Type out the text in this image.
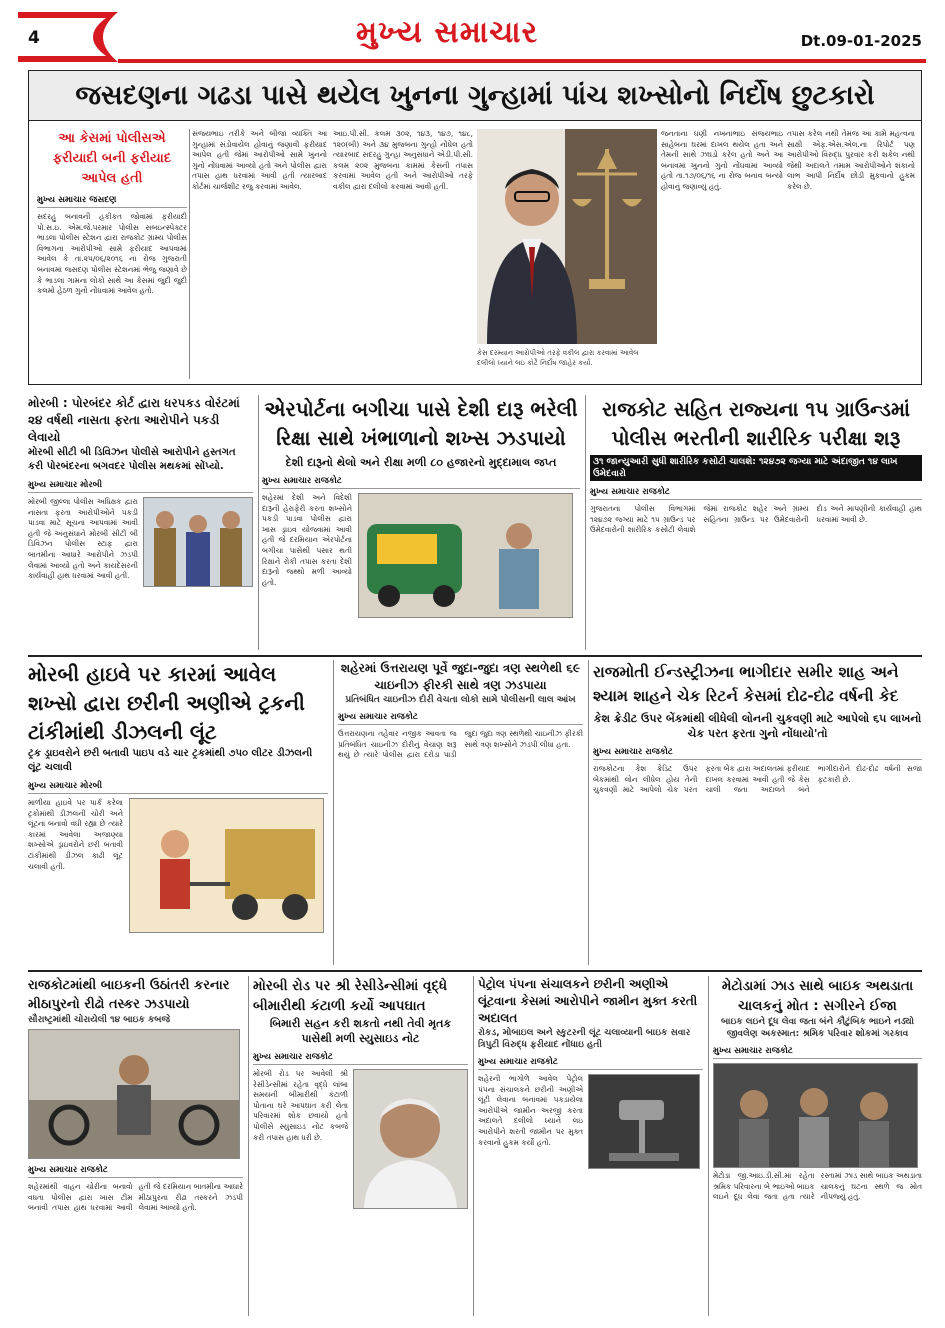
4	મુખ્ય સમાચાર	Dt.09-01-2025
જસદણના ગઢડા પાસે થયેલ ખુનના ગુન્હામાં પાંચ શખ્સોનો નિર્દોષ છુટકારો
આ કેસમાં પોલીસએ ફરીયાદી બની ફરીયાદ આપેલ હતી
મુખ્ય સમાચાર જસદણ

સદરહુ બનાવની હકીકત જોવામાં ફરીયાદી પો.સ.ઇ. એમ.જે.પરમાર પોલીસ સબઇન્સ્પેક્ટર ભાડલા પોલીસ સ્ટેશન દ્વારા રાજકોટ ગ્રામ્ય પોલીસ વિભાગના આરોપીઓ સામે ફરીયાદ આપવામાં આવેલ કે તા.૨૫/૦૬/૨૦૧૬ ના રોજ ગુજરાતી બનાવમાં જસદણ પોલીસ સ્ટેશનમાં ભેજુ જણાવે છે કે ભાડલા ગામના લોકો સાથે આ કેસમાં જુદી જુદી કલમો હેઠળ ગુનો નોંધવામાં આવેલ હતો.

સંજયભાઇ તરીકે અને બીજા વ્યક્તિ આ ગુન્હામાં સંડોવાયેલ હોવાનું જણાવી ફરીયાદ આપેલ હતી જેમાં આરોપીઓ સામે ખુનનો ગુનો નોંધવામાં આવ્યો હતો અને પોલીસ દ્વારા તપાસ હાથ ધરવામાં આવી હતી ત્યારબાદ કોર્ટમાં ચાર્જશીટ રજુ કરવામાં આવેલ.

આઇ.પી.સી. કલમ ૩૦૨, ૧૪૩, ૧૪૭, ૧૪૮, ૧૨૦(બી) અને ૩૪ મુજબના ગુન્હો નોંધેલ હતો ત્યારબાદ સદરહુ ગુન્હા અનુસંધાને એડી.પી.સી. કલમ ૨૦૨ મુજબના કામમાં કેસની તપાસ કરવામાં આવેલ હતી અને આરોપીઓ તરફે વકીલ દ્વારા દલીલો કરવામાં આવી હતી.

કેસ દરમ્યાન આરોપીઓ તરફે વકીલ દ્વારા કરવામાં આવેલ દલીલો ધ્યાને લઇ કોર્ટે નિર્દોષ જાહેર કર્યા.

જનતાના ધણી નખનાભાઇ સંજયભાઇ સાહેબના ઘરમાં દાખલ થયેલ હતા અને તેમની સાથે ઝઘડો કરેલ હતો અને આ બનાવમાં ખુનનો ગુનો નોંધવામાં આવ્યો હતો તા.૧૭/૦૬/૧૬ ના રોજ બનાવ બન્યો હોવાનું જણાવ્યું હતું.

તપાસ કરેલ નથી તેમજ આ કામે મહત્વના સાક્ષી એફ.એસ.એલ.ના રિપોર્ટ પણ આરોપીઓ વિરુદ્ધ પુરવાર કરી શકેલ નથી જેથી અદાલતે તમામ આરોપીઓને શંકાનો લાભ આપી નિર્દોષ છોડી મુકવાનો હુકમ કરેલ છે.

મોરબી : પોરબંદર કોર્ટ દ્વારા ધરપકડ વોરંટમાં ૨૪ વર્ષથી નાસતા ફરતા આરોપીને પકડી લેવાયો
મોરબી સીટી બી ડિવિઝન પોલીસે આરોપીને હસ્તગત કરી પોરબંદરના બગવદર પોલીસ મથકમાં સોંપ્યો.
મુખ્ય સમાચાર મોરબી

મોરબી જીલ્લા પોલીસ અધિક્ષક દ્વારા નાસતા ફરતા આરોપીઓને પકડી પાડવા માટે સૂચના આપવામાં આવી હતી જે અનુસંધાને મોરબી સીટી બી ડિવિઝન પોલીસ સ્ટાફ દ્વારા બાતમીના આધારે આરોપીને ઝડપી લેવામાં આવ્યો હતો અને કાયદેસરની કાર્યવાહી હાથ ધરવામાં આવી હતી.

એરપોર્ટના બગીચા પાસે દેશી દારૂ ભરેલી રિક્ષા સાથે ખંભાળાનો શખ્સ ઝડપાયો
દેશી દારૂનો થેલો અને રીક્ષા મળી ૮૦ હજારનો મુદ્દામાલ જપ્ત
મુખ્ય સમાચાર રાજકોટ

શહેરમાં દેશી અને વિદેશી દારૂની હેરાફેરી કરતા શખ્સોને પકડી પાડવા પોલીસ દ્વારા ખાસ ડ્રાઇવ યોજવામાં આવી હતી જે દરમિયાન એરપોર્ટના બગીચા પાસેથી પસાર થતી રિક્ષાને રોકી તપાસ કરતા દેશી દારૂનો જથ્થો મળી આવ્યો હતો.

રાજકોટ સહિત રાજ્યના ૧૫ ગ્રાઉન્ડમાં પોલીસ ભરતીની શારીરિક પરીક્ષા શરૂ
૩૧ જાન્યુઆરી સુધી શારીરિક કસોટી ચાલશે: ૧૨૪૭૨ જગ્યા માટે અંદાજીત ૧૪ લાખ ઉમેદવારો
મુખ્ય સમાચાર રાજકોટ

ગુજરાતના પોલીસ વિભાગમાં ૧૨૪૭૨ જગ્યા માટે ૧૫ ગ્રાઉન્ડ પર ઉમેદવારોની શારીરિક કસોટી લેવાશે જેમાં રાજકોટ શહેર અને ગ્રામ્ય સહિતના ગ્રાઉન્ડ પર ઉમેદવારોની દોડ અને માપણીની કાર્યવાહી હાથ ધરવામાં આવી છે.

મોરબી હાઇવે પર કારમાં આવેલ શખ્સો દ્વારા છરીની અણીએ ટ્રકની ટાંકીમાંથી ડીઝલની લૂંટ
ટ્રક ડ્રાઇવરોને છરી બતાવી પાઇપ વડે ચાર ટ્રકમાંથી ૭૫૦ લીટર ડીઝલની લૂંટ ચલાવી
મુખ્ય સમાચાર મોરબી

માળીયા હાઇવે પર પાર્ક કરેલા ટ્રકોમાંથી ડીઝલની ચોરી અને લૂંટના બનાવો વધી રહ્યા છે ત્યારે કારમાં આવેલા અજાણ્યા શખ્સોએ ડ્રાઇવરોને છરી બતાવી ટાંકીમાંથી ડીઝલ કાઢી લૂંટ ચલાવી હતી.

શહેરમાં ઉત્તરાયણ પૂર્વે જુદા-જુદા ત્રણ સ્થળેથી ૬૯ ચાઇનીઝ ફીરકી સાથે ત્રણ ઝડપાયા
પ્રતિબંધિત ચાઇનીઝ દોરી વેચતા લોકો સામે પોલીસની લાલ આંખ
મુખ્ય સમાચાર રાજકોટ

ઉત્તરાયણના તહેવાર નજીક આવતા જ પ્રતિબંધિત ચાઇનીઝ દોરીનું વેચાણ શરૂ થયું છે ત્યારે પોલીસ દ્વારા દરોડા પાડી જુદા જુદા ત્રણ સ્થળેથી ચાઇનીઝ ફીરકી સાથે ત્રણ શખ્સોને ઝડપી લીધા હતા.

રાજમોતી ઈન્ડસ્ટ્રીઝના ભાગીદાર સમીર શાહ અને શ્યામ શાહને ચેક રિટર્ન કેસમાં દોઢ-દોઢ વર્ષની કેદ
કેશ ક્રેડીટ ઉપર બેંકમાંથી લીધેલી લોનની ચુકવણી માટે આપેલો ૬૫ લાખનો ચેક પરત ફરતા ગુનો નોંધાયો'તો
મુખ્ય સમાચાર રાજકોટ

રાજકોટના કેશ ક્રેડિટ ઉપર બેંકમાંથી લોન લીધેલ હોય તેની ચુકવણી માટે આપેલો ચેક પરત ફરતા બેંક દ્વારા અદાલતમાં ફરીયાદ દાખલ કરવામાં આવી હતી જે કેસ ચાલી જતા અદાલતે બંને ભાગીદારોને દોઢ-દોઢ વર્ષની સજા ફટકારી છે.

રાજકોટમાંથી બાઇકની ઉઠાંતરી કરનાર મીઠાપુરનો રીઢો તસ્કર ઝડપાયો
સૌરાષ્ટ્રમાંથી ચોરાયેલી ૧૪ બાઇક કબજે
મુખ્ય સમાચાર રાજકોટ

શહેરમાંથી વાહન ચોરીના બનાવો વધતા પોલીસ દ્વારા ખાસ ટીમ બનાવી તપાસ હાથ ધરવામાં આવી હતી જે દરમિયાન બાતમીના આધારે મીઠાપુરના રીઢા તસ્કરને ઝડપી લેવામાં આવ્યો હતો.

મોરબી રોડ પર શ્રી રેસીડેન્સીમાં વૃદ્ધે બીમારીથી કંટાળી કર્યો આપઘાત
બિમારી સહન કરી શકતો નથી તેવી મૃતક પાસેથી મળી સ્યુસાઇડ નોટ
મુખ્ય સમાચાર રાજકોટ

મોરબી રોડ પર આવેલી શ્રી રેસીડેન્સીમાં રહેતા વૃદ્ધે લાંબા સમયની બીમારીથી કંટાળી પોતાના ઘરે આપઘાત કરી લેતા પરિવારમાં શોક છવાયો હતો પોલીસે સ્યુસાઇડ નોટ કબજે કરી તપાસ હાથ ધરી છે.

પેટ્રોલ પંપના સંચાલકને છરીની અણીએ લૂંટવાના કેસમાં આરોપીને જામીન મુક્ત કરતી અદાલત
રોકડ, મોબાઇલ અને સ્કુટરની લૂંટ ચલાવ્યાની બાઇક સવાર ત્રિપુટી વિરુદ્ધ ફરીયાદ નોંધાઇ હતી
મુખ્ય સમાચાર રાજકોટ

શહેરની ભાગોળે આવેલ પેટ્રોલ પંપના સંચાલકને છરીની અણીએ લૂંટી લેવાના બનાવમાં પકડાયેલા આરોપીએ જામીન અરજી કરતા અદાલતે દલીલો ધ્યાને લઇ આરોપીને શરતી જામીન પર મુક્ત કરવાનો હુકમ કર્યો હતો.

મેટોડામાં ઝાડ સાથે બાઇક અથડાતા ચાલકનું મોત : સગીરને ઈજા
બાઇક લઇને દૂધ લેવા જતા બંને કૌટુંબિક ભાઇને નડ્યો જીવલેણ અકસ્માત: શ્રમિક પરિવાર શોકમાં ગરકાવ
મુખ્ય સમાચાર રાજકોટ

મેટોડા જી.આઇ.ડી.સી.માં રહેતા શ્રમિક પરિવારના બે ભાઇઓ બાઇક લઇને દૂધ લેવા જતા હતા ત્યારે રસ્તામાં ઝાડ સાથે બાઇક અથડાતા ચાલકનું ઘટના સ્થળે જ મોત નીપજ્યું હતું.
